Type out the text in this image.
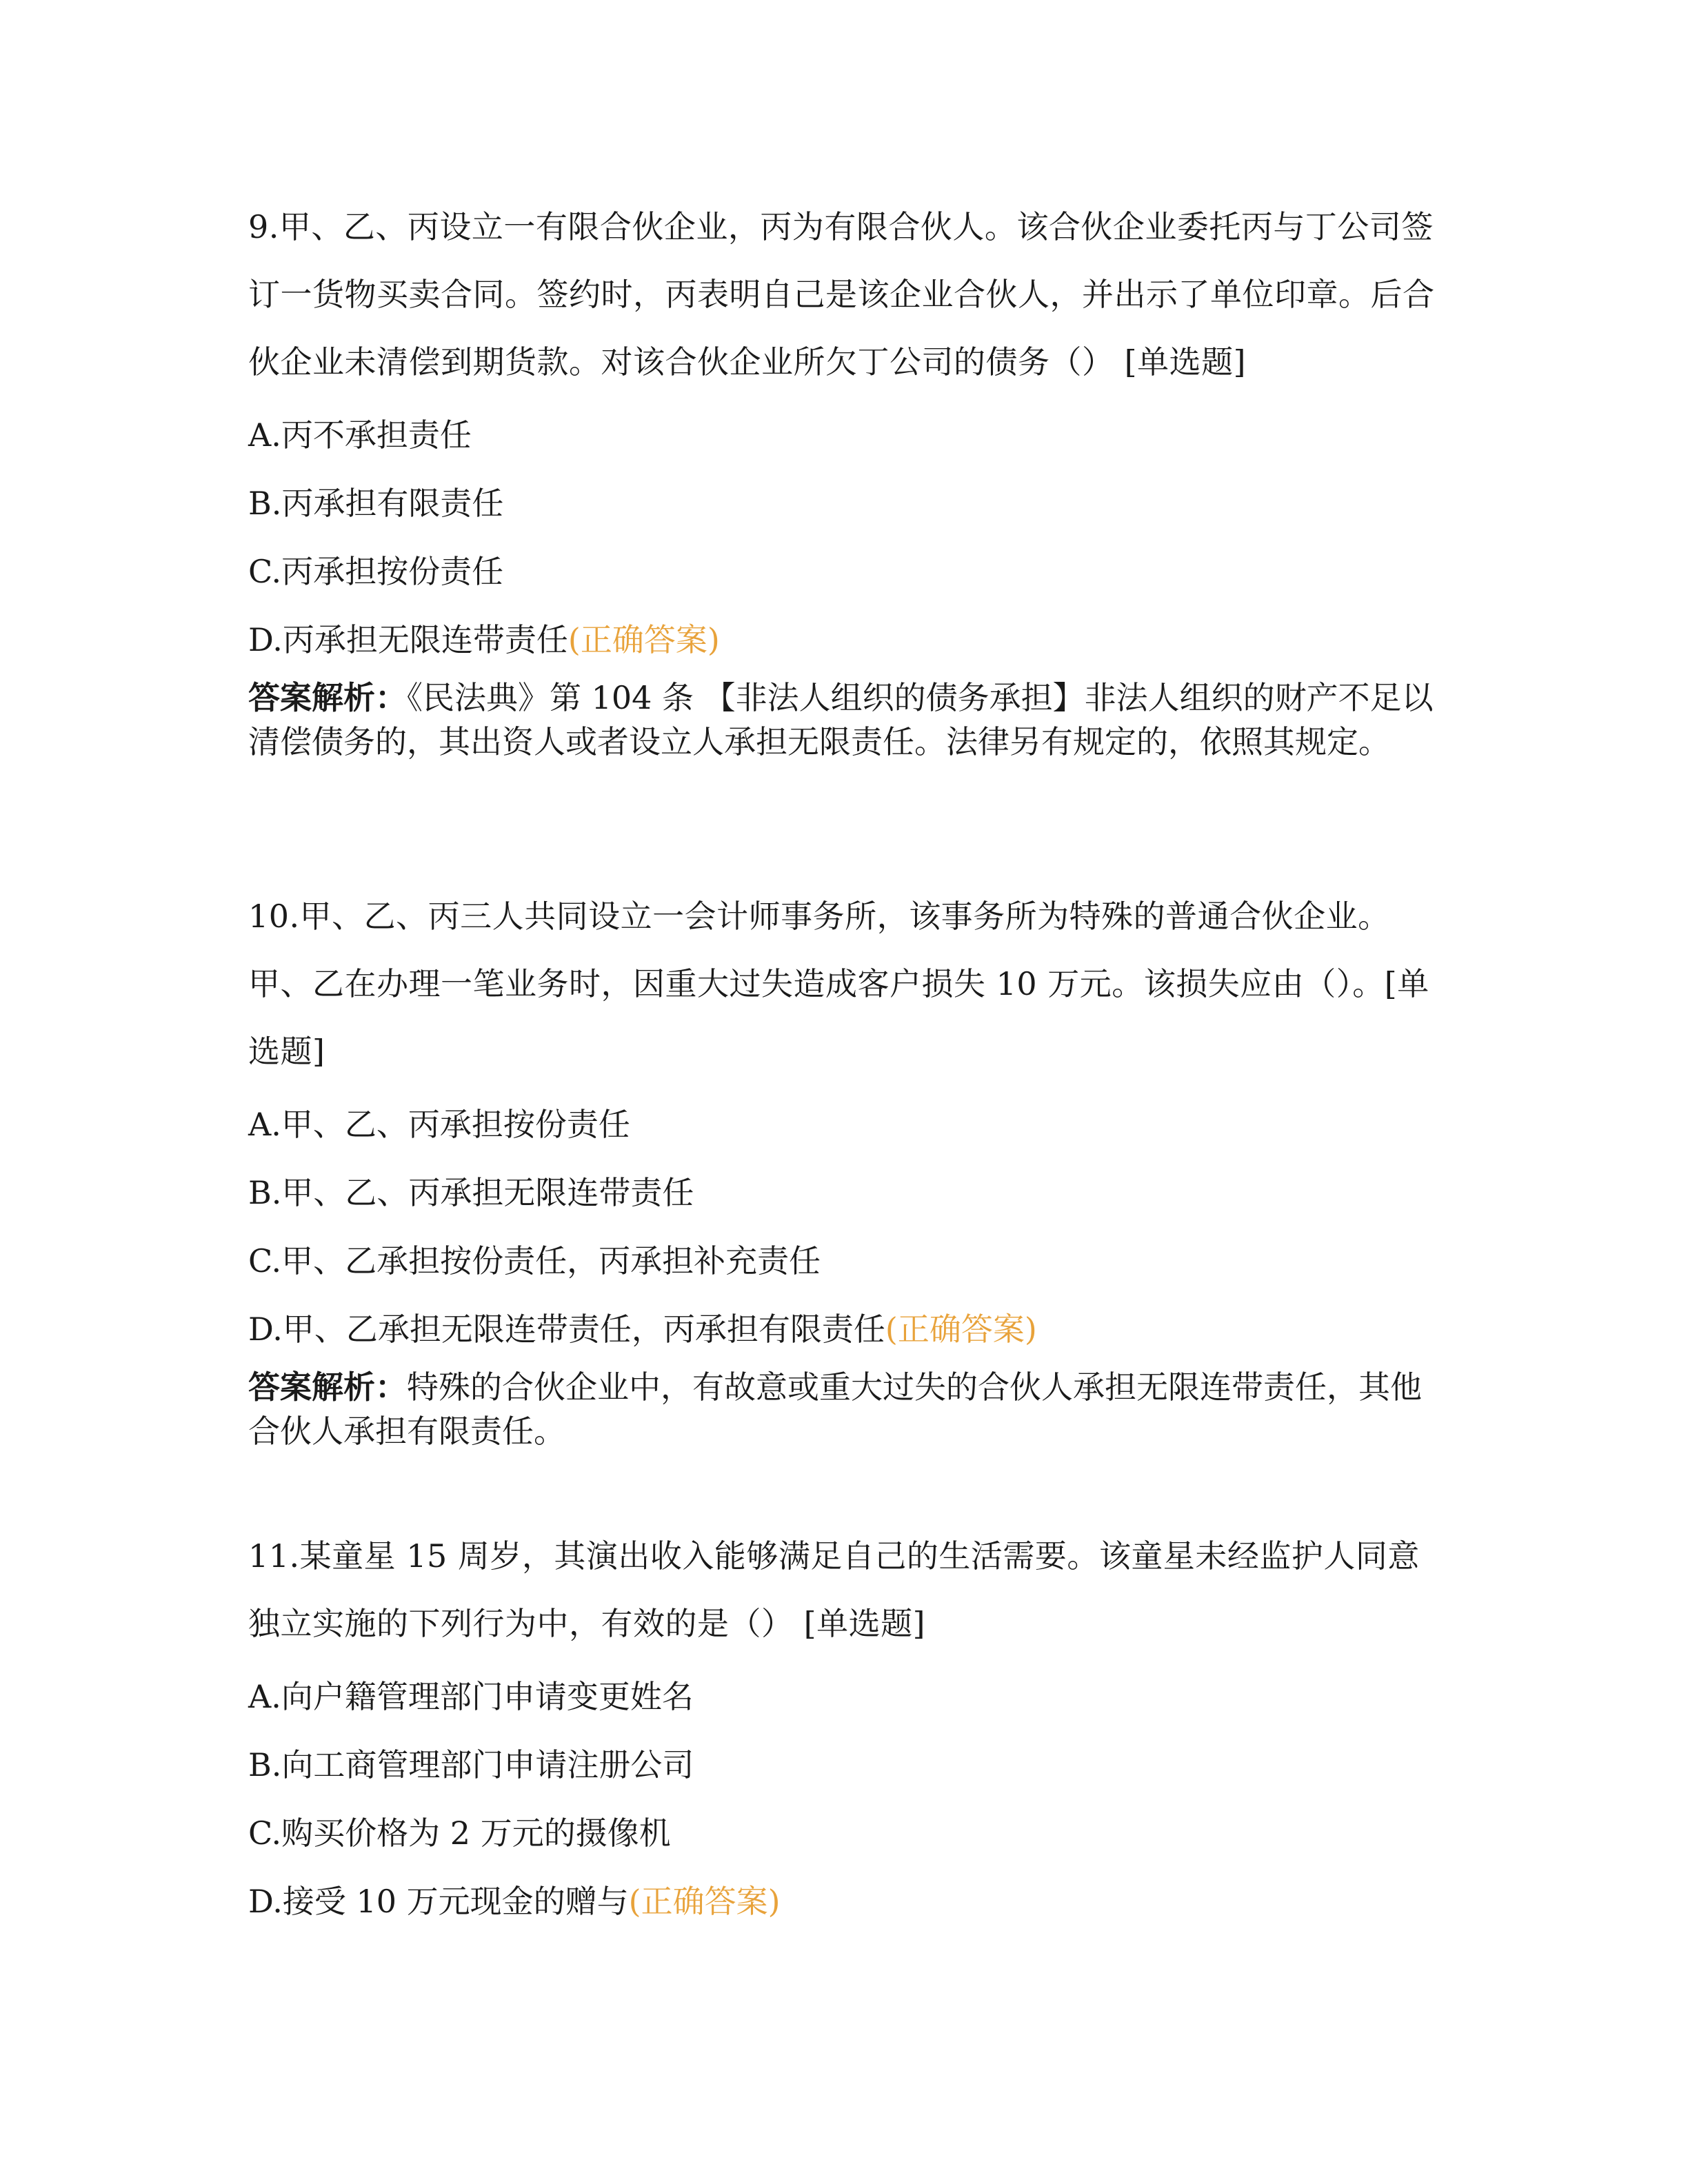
9.甲、乙、丙设立一有限合伙企业，丙为有限合伙人。该合伙企业委托丙与丁公司签订一货物买卖合同。签约时，丙表明自己是该企业合伙人，并出示了单位印章。后合伙企业未清偿到期货款。对该合伙企业所欠丁公司的债务（） [单选题]

A.丙不承担责任

B.丙承担有限责任

C.丙承担按份责任

D.丙承担无限连带责任(正确答案)

答案解析：《民法典》第 104 条 【非法人组织的债务承担】非法人组织的财产不足以清偿债务的，其出资人或者设立人承担无限责任。法律另有规定的，依照其规定。

10.甲、乙、丙三人共同设立一会计师事务所，该事务所为特殊的普通合伙企业。甲、乙在办理一笔业务时，因重大过失造成客户损失 10 万元。该损失应由（）。[单选题]

A.甲、乙、丙承担按份责任

B.甲、乙、丙承担无限连带责任

C.甲、乙承担按份责任，丙承担补充责任

D.甲、乙承担无限连带责任，丙承担有限责任(正确答案)

答案解析：特殊的合伙企业中，有故意或重大过失的合伙人承担无限连带责任，其他合伙人承担有限责任。

11.某童星 15 周岁，其演出收入能够满足自己的生活需要。该童星未经监护人同意独立实施的下列行为中，有效的是（） [单选题]

A.向户籍管理部门申请变更姓名

B.向工商管理部门申请注册公司

C.购买价格为 2 万元的摄像机

D.接受 10 万元现金的赠与(正确答案)
